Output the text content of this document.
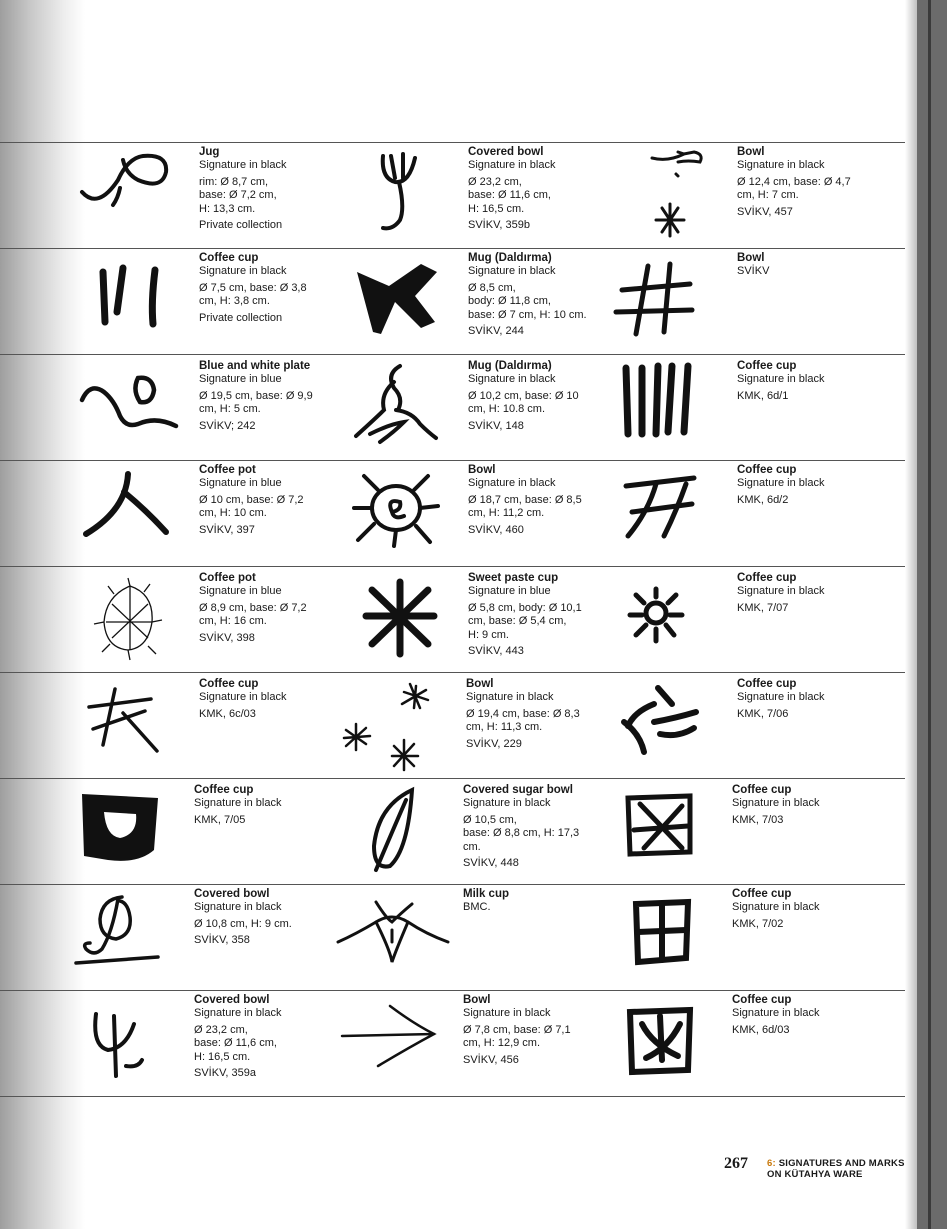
Jug
Signature in black
rim: Ø 8,7 cm,
base: Ø 7,2 cm,
H: 13,3 cm.
Private collection
Covered bowl
Signature in black
Ø 23,2 cm,
base: Ø 11,6 cm,
H: 16,5 cm.
SVİKV, 359b
Bowl
Signature in black
Ø 12,4 cm, base: Ø 4,7
cm, H: 7 cm.
SVİKV, 457
Coffee cup
Signature in black
Ø 7,5 cm, base: Ø 3,8
cm, H: 3,8 cm.
Private collection
Mug (Daldırma)
Signature in black
Ø 8,5 cm,
body: Ø 11,8 cm,
base: Ø 7 cm, H: 10 cm.
SVİKV, 244
Bowl
SVİKV
Blue and white plate
Signature in blue
Ø 19,5 cm, base: Ø 9,9
cm, H: 5 cm.
SVİKV; 242
Mug (Daldırma)
Signature in black
Ø 10,2 cm, base: Ø 10
cm, H: 10.8 cm.
SVİKV, 148
Coffee cup
Signature in black
KMK, 6d/1
Coffee pot
Signature in blue
Ø 10 cm, base: Ø 7,2
cm, H: 10 cm.
SVİKV, 397
Bowl
Signature in black
Ø 18,7 cm, base: Ø 8,5
cm, H: 11,2 cm.
SVİKV, 460
Coffee cup
Signature in black
KMK, 6d/2
Coffee pot
Signature in blue
Ø 8,9 cm, base: Ø 7,2
cm, H: 16 cm.
SVİKV, 398
Sweet paste cup
Signature in blue
Ø 5,8 cm, body: Ø 10,1
cm, base: Ø 5,4 cm,
H: 9 cm.
SVİKV, 443
Coffee cup
Signature in black
KMK, 7/07
Coffee cup
Signature in black
KMK, 6c/03
Bowl
Signature in black
Ø 19,4 cm, base: Ø 8,3
cm, H: 11,3 cm.
SVİKV, 229
Coffee cup
Signature in black
KMK, 7/06
Coffee cup
Signature in black
KMK, 7/05
Covered sugar bowl
Signature in black
Ø 10,5 cm,
base: Ø 8,8 cm, H: 17,3
cm.
SVİKV, 448
Coffee cup
Signature in black
KMK, 7/03
Covered bowl
Signature in black
Ø 10,8 cm, H: 9 cm.
SVİKV, 358
Milk cup
BMC.
Coffee cup
Signature in black
KMK, 7/02
Covered bowl
Signature in black
Ø 23,2 cm,
base: Ø 11,6 cm,
H: 16,5 cm.
SVİKV, 359a
Bowl
Signature in black
Ø 7,8 cm, base: Ø 7,1
cm, H: 12,9 cm.
SVİKV, 456
Coffee cup
Signature in black
KMK, 6d/03
267 6: SIGNATURES AND MARKS
ON KÜTAHYA WARE
